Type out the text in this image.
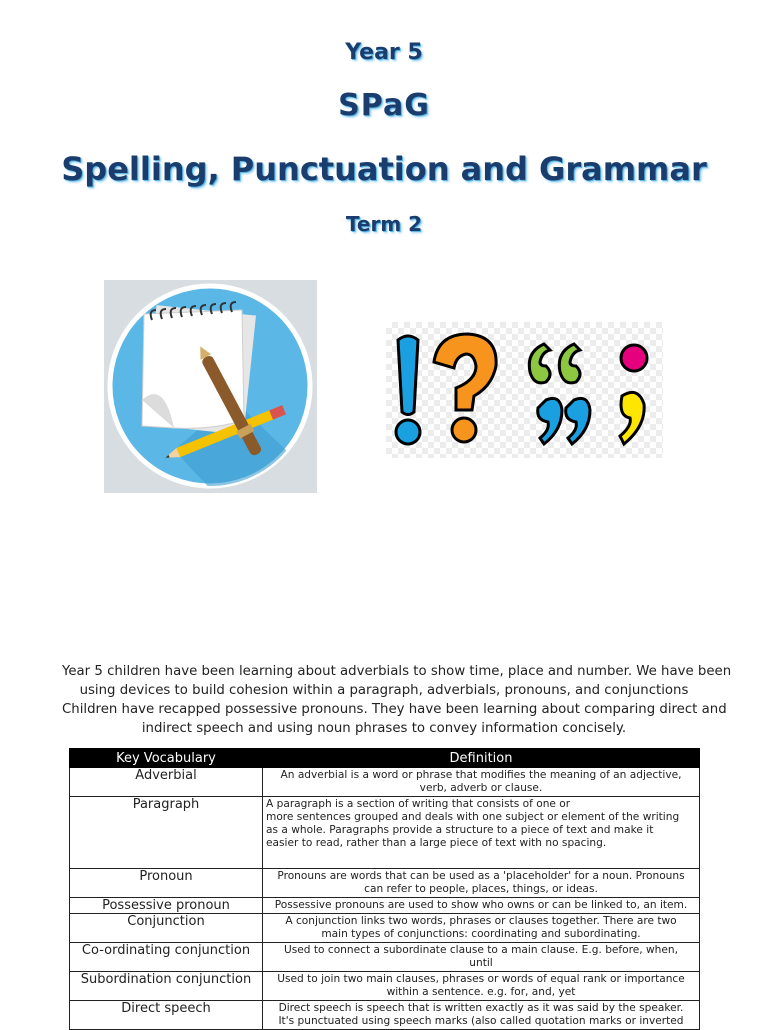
Year 5
SPaG
Spelling, Punctuation and Grammar
Term 2

Year 5 children have been learning about adverbials to show time, place and number. We have been

using devices to build cohesion within a paragraph, adverbials, pronouns, and conjunctions

Children have recapped possessive pronouns. They have been learning about comparing direct and

indirect speech and using noun phrases to convey information concisely.

Key Vocabulary	Definition
Adverbial	An adverbial is a word or phrase that modifies the meaning of an adjective,
verb, adverb or clause.

Paragraph	A paragraph is a section of writing that consists of one or
more sentences grouped and deals with one subject or element of the writing
as a whole. Paragraphs provide a structure to a piece of text and make it
easier to read, rather than a large piece of text with no spacing.

Pronoun	Pronouns are words that can be used as a 'placeholder' for a noun. Pronouns
can refer to people, places, things, or ideas.

Possessive pronoun	Possessive pronouns are used to show who owns or can be linked to, an item.

Conjunction	A conjunction links two words, phrases or clauses together. There are two
main types of conjunctions: coordinating and subordinating.

Co-ordinating conjunction	Used to connect a subordinate clause to a main clause. E.g. before, when,
until

Subordination conjunction	Used to join two main clauses, phrases or words of equal rank or importance
within a sentence. e.g. for, and, yet

Direct speech	Direct speech is speech that is written exactly as it was said by the speaker.
It's punctuated using speech marks (also called quotation marks or inverted
